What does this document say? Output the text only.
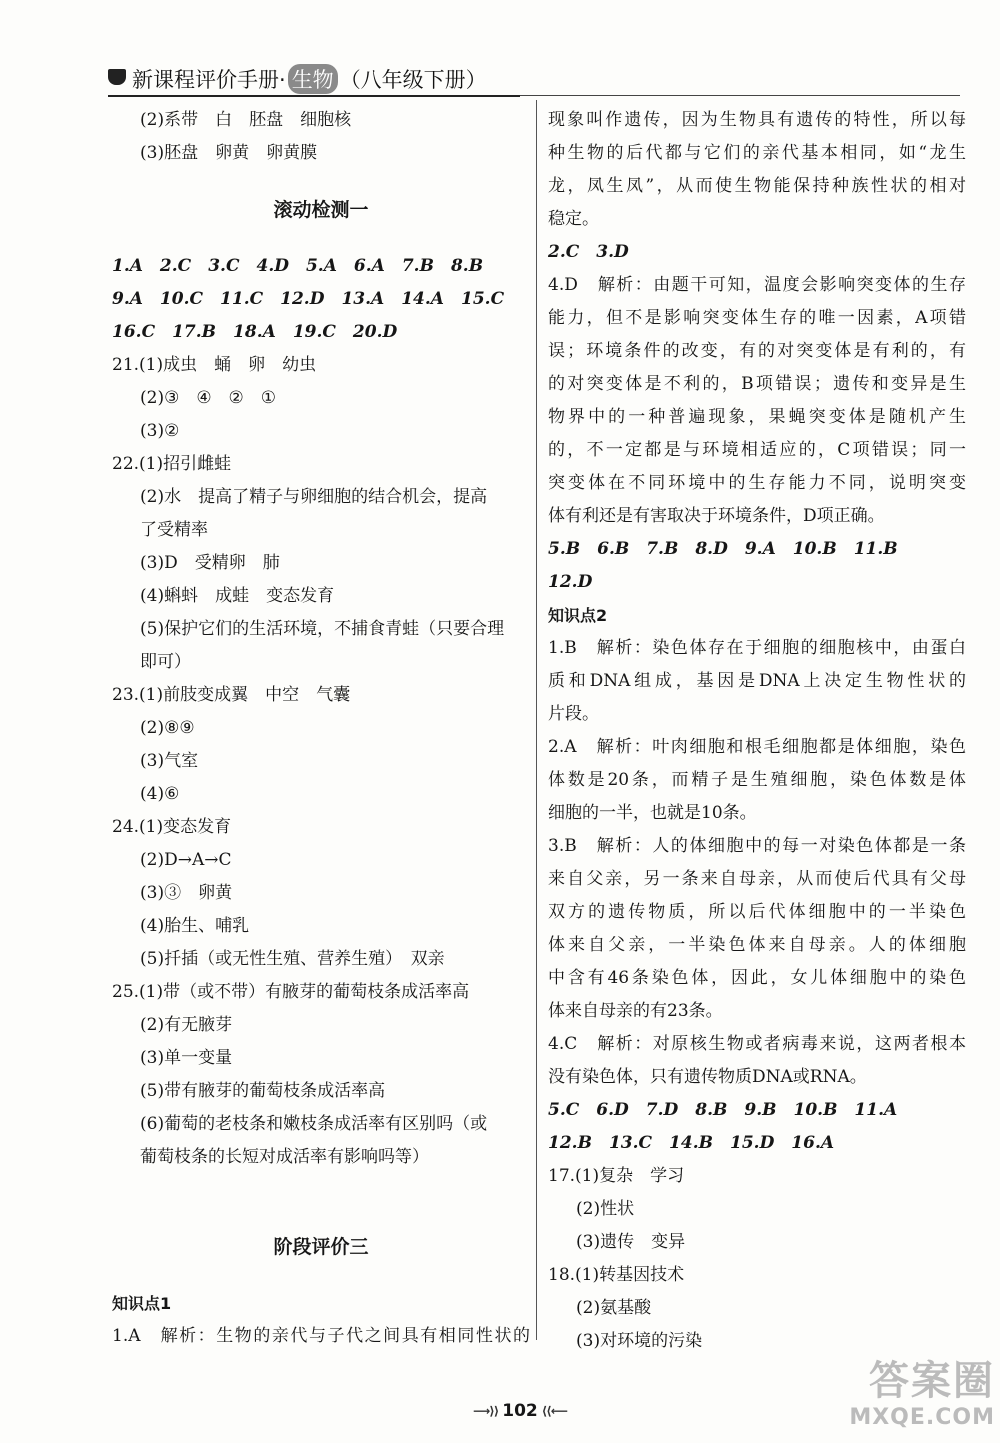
新课程评价手册· 生物 （八年级下册）
(2)系带　白　胚盘　细胞核
(3)胚盘　卵黄　卵黄膜
滚动检测一
1.A　2.C　3.C　4.D　5.A　6.A　7.B　8.B
9.A　10.C　11.C　12.D　13.A　14.A　15.C
16.C　17.B　18.A　19.C　20.D
21.(1)成虫　蛹　卵　幼虫
(2)③　④　②　①
(3)②
22.(1)招引雌蛙
(2)水　提高了精子与卵细胞的结合机会，提高
了受精率
(3)D　受精卵　肺
(4)蝌蚪　成蛙　变态发育
(5)保护它们的生活环境，不捕食青蛙（只要合理
即可）
23.(1)前肢变成翼　中空　气囊
(2)⑧⑨
(3)气室
(4)⑥
24.(1)变态发育
(2)D→A→C
(3)③　卵黄
(4)胎生、哺乳
(5)扦插（或无性生殖、营养生殖）　双亲
25.(1)带（或不带）有腋芽的葡萄枝条成活率高
(2)有无腋芽
(3)单一变量
(5)带有腋芽的葡萄枝条成活率高
(6)葡萄的老枝条和嫩枝条成活率有区别吗（或
葡萄枝条的长短对成活率有影响吗等）
阶段评价三
知识点1
1.A　解析：生物的亲代与子代之间具有相同性状的
现象叫作遗传，因为生物具有遗传的特性，所以每
种生物的后代都与它们的亲代基本相同，如“龙生
龙，凤生凤”，从而使生物能保持种族性状的相对
稳定。
2.C　3.D
4.D　解析：由题干可知，温度会影响突变体的生存
能力，但不是影响突变体生存的唯一因素，A项错
误；环境条件的改变，有的对突变体是有利的，有
的对突变体是不利的，B项错误；遗传和变异是生
物界中的一种普遍现象，果蝇突变体是随机产生
的，不一定都是与环境相适应的，C项错误；同一
突变体在不同环境中的生存能力不同，说明突变
体有利还是有害取决于环境条件，D项正确。
5.B　6.B　7.B　8.D　9.A　10.B　11.B
12.D
知识点2
1.B　解析：染色体存在于细胞的细胞核中，由蛋白
质和DNA组成，基因是DNA上决定生物性状的
片段。
2.A　解析：叶肉细胞和根毛细胞都是体细胞，染色
体数是20条，而精子是生殖细胞，染色体数是体
细胞的一半，也就是10条。
3.B　解析：人的体细胞中的每一对染色体都是一条
来自父亲，另一条来自母亲，从而使后代具有父母
双方的遗传物质，所以后代体细胞中的一半染色
体来自父亲，一半染色体来自母亲。人的体细胞
中含有46条染色体，因此，女儿体细胞中的染色
体来自母亲的有23条。
4.C　解析：对原核生物或者病毒来说，这两者根本
没有染色体，只有遗传物质DNA或RNA。
5.C　6.D　7.D　8.B　9.B　10.B　11.A
12.B　13.C　14.B　15.D　16.A
17.(1)复杂　学习
(2)性状
(3)遗传　变异
18.(1)转基因技术
(2)氨基酸
(3)对环境的污染
⟶⟩⟩ 102 ⟨⟨⟵
答案圈
MXQE.COM
